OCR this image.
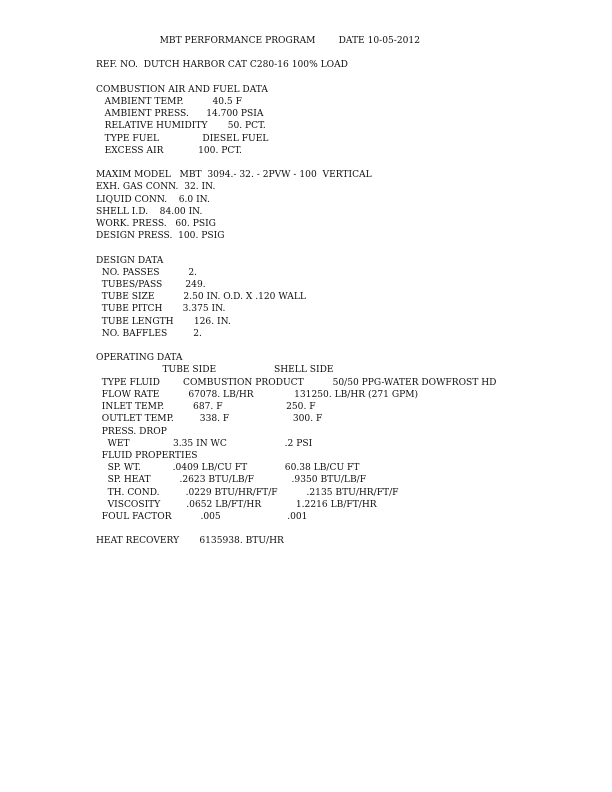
MBT PERFORMANCE PROGRAM        DATE 10-05-2012

REF. NO.  DUTCH HARBOR CAT C280-16 100% LOAD

COMBUSTION AIR AND FUEL DATA
AMBIENT TEMP.          40.5 F
AMBIENT PRESS.      14.700 PSIA
RELATIVE HUMIDITY       50. PCT.
TYPE FUEL               DIESEL FUEL
EXCESS AIR            100. PCT.

MAXIM MODEL   MBT  3094.- 32. - 2PVW - 100  VERTICAL
EXH. GAS CONN.  32. IN.
LIQUID CONN.    6.0 IN.
SHELL I.D.    84.00 IN.
WORK. PRESS.   60. PSIG
DESIGN PRESS.  100. PSIG

DESIGN DATA
NO. PASSES          2.
TUBES/PASS        249.
TUBE SIZE          2.50 IN. O.D. X .120 WALL
TUBE PITCH       3.375 IN.
TUBE LENGTH       126. IN.
NO. BAFFLES         2.

OPERATING DATA
TUBE SIDE                    SHELL SIDE
TYPE FLUID        COMBUSTION PRODUCT          50/50 PPG-WATER DOWFROST HD
FLOW RATE          67078. LB/HR              131250. LB/HR (271 GPM)
INLET TEMP.          687. F                      250. F
OUTLET TEMP.         338. F                      300. F
PRESS. DROP
WET               3.35 IN WC                    .2 PSI
FLUID PROPERTIES
SP. WT.           .0409 LB/CU FT             60.38 LB/CU FT
SP. HEAT          .2623 BTU/LB/F             .9350 BTU/LB/F
TH. COND.         .0229 BTU/HR/FT/F          .2135 BTU/HR/FT/F
VISCOSITY         .0652 LB/FT/HR            1.2216 LB/FT/HR
FOUL FACTOR          .005                       .001

HEAT RECOVERY       6135938. BTU/HR
